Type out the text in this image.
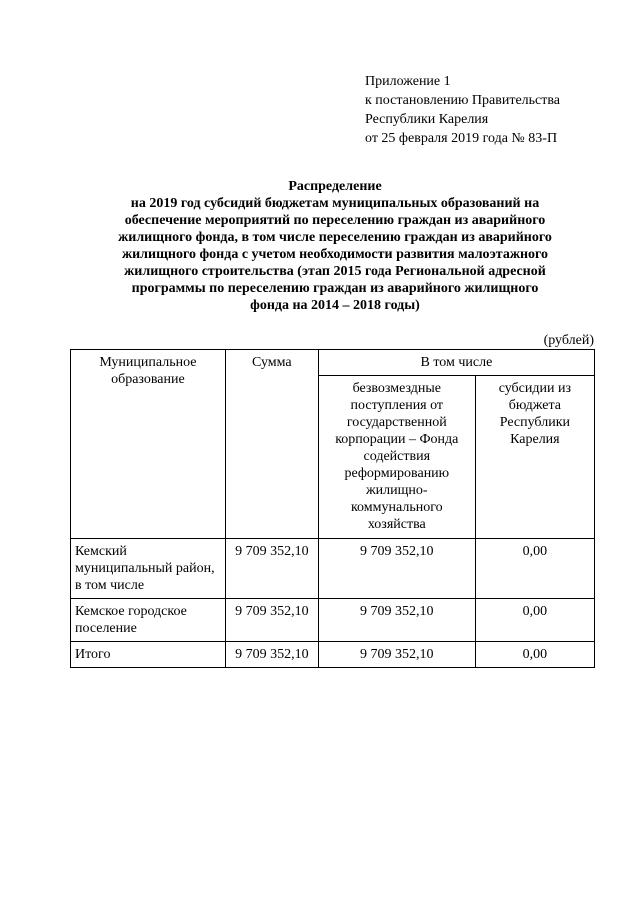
Приложение 1
к постановлению Правительства
Республики Карелия
от 25 февраля 2019 года № 83-П
Распределение
на 2019 год субсидий бюджетам муниципальных образований на
обеспечение мероприятий по переселению граждан из аварийного
жилищного фонда, в том числе переселению граждан из аварийного
жилищного фонда с учетом необходимости развития малоэтажного
жилищного строительства (этап 2015 года Региональной адресной
программы по переселению граждан из аварийного жилищного
фонда на 2014 – 2018 годы)
(рублей)
Муниципальное образование	Сумма	В том числе	
		безвозмездные поступления от государственной корпорации – Фонда содействия реформированию жилищно-коммунального хозяйства	субсидии из бюджета Республики Карелия
Кемский муниципальный район, в том числе	9 709 352,10	9 709 352,10	0,00
Кемское городское поселение	9 709 352,10	9 709 352,10	0,00
Итого	9 709 352,10	9 709 352,10	0,00
